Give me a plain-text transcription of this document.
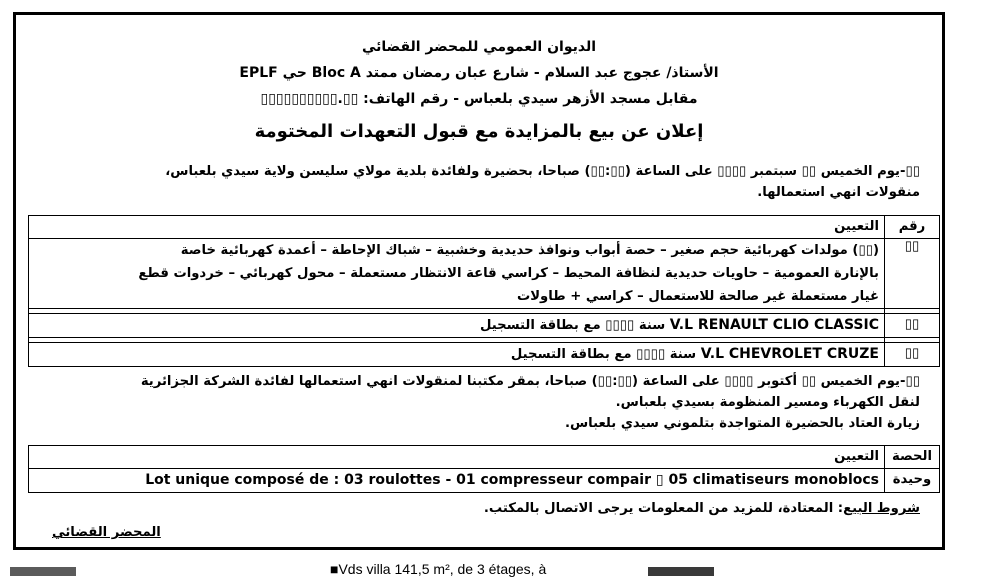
الديوان العمومي للمحضر القضائي
الأستاذ/ عجوج عبد السلام - شارع عبان رمضان ممتد Bloc A حي EPLF
مقابل مسجد الأزهر سيدي بلعباس - رقم الهاتف: ▯▯.▯▯▯▯▯▯▯▯▯▯
إعلان عن بيع بالمزايدة مع قبول التعهدات المختومة
▯▯-يوم الخميس ▯▯ سبتمبر ▯▯▯▯ على الساعة (▯▯:▯▯) صباحا، بحضيرة ولفائدة بلدية مولاي سليسن ولاية سيدي بلعباس،
منقولات انهي استعمالها.
رقم	التعيين
▯▯	(▯▯) مولدات كهربائية حجم صغير – حصة أبواب ونوافذ حديدية وخشبية – شباك الإحاطة – أعمدة كهربائية خاصة
بالإنارة العمومية – حاويات حديدية لنظافة المحيط – كراسي قاعة الانتظار مستعملة – محول كهربائي – خردوات قطع
غيار مستعملة غير صالحة للاستعمال – كراسي + طاولات

▯▯	V.L RENAULT CLIO CLASSIC سنة ▯▯▯▯ مع بطاقة التسجيل

▯▯	V.L CHEVROLET CRUZE سنة ▯▯▯▯ مع بطاقة التسجيل
▯▯-يوم الخميس ▯▯ أكتوبر ▯▯▯▯ على الساعة (▯▯:▯▯) صباحا، بمقر مكتبنا لمنقولات انهي استعمالها لفائدة الشركة الجزائرية
لنقل الكهرباء ومسير المنظومة بسيدي بلعباس.
زيارة العتاد بالحضيرة المتواجدة بتلموني سيدي بلعباس.
الحصة	التعيين
وحيدة	Lot unique composé de : 03 roulottes - 01 compresseur compair ▯ 05 climatiseurs monoblocs
شروط البيع: المعتادة، للمزيد من المعلومات يرجى الاتصال بالمكتب.
المحضر القضائي
■Vds villa 141,5 m², de 3 étages, à
